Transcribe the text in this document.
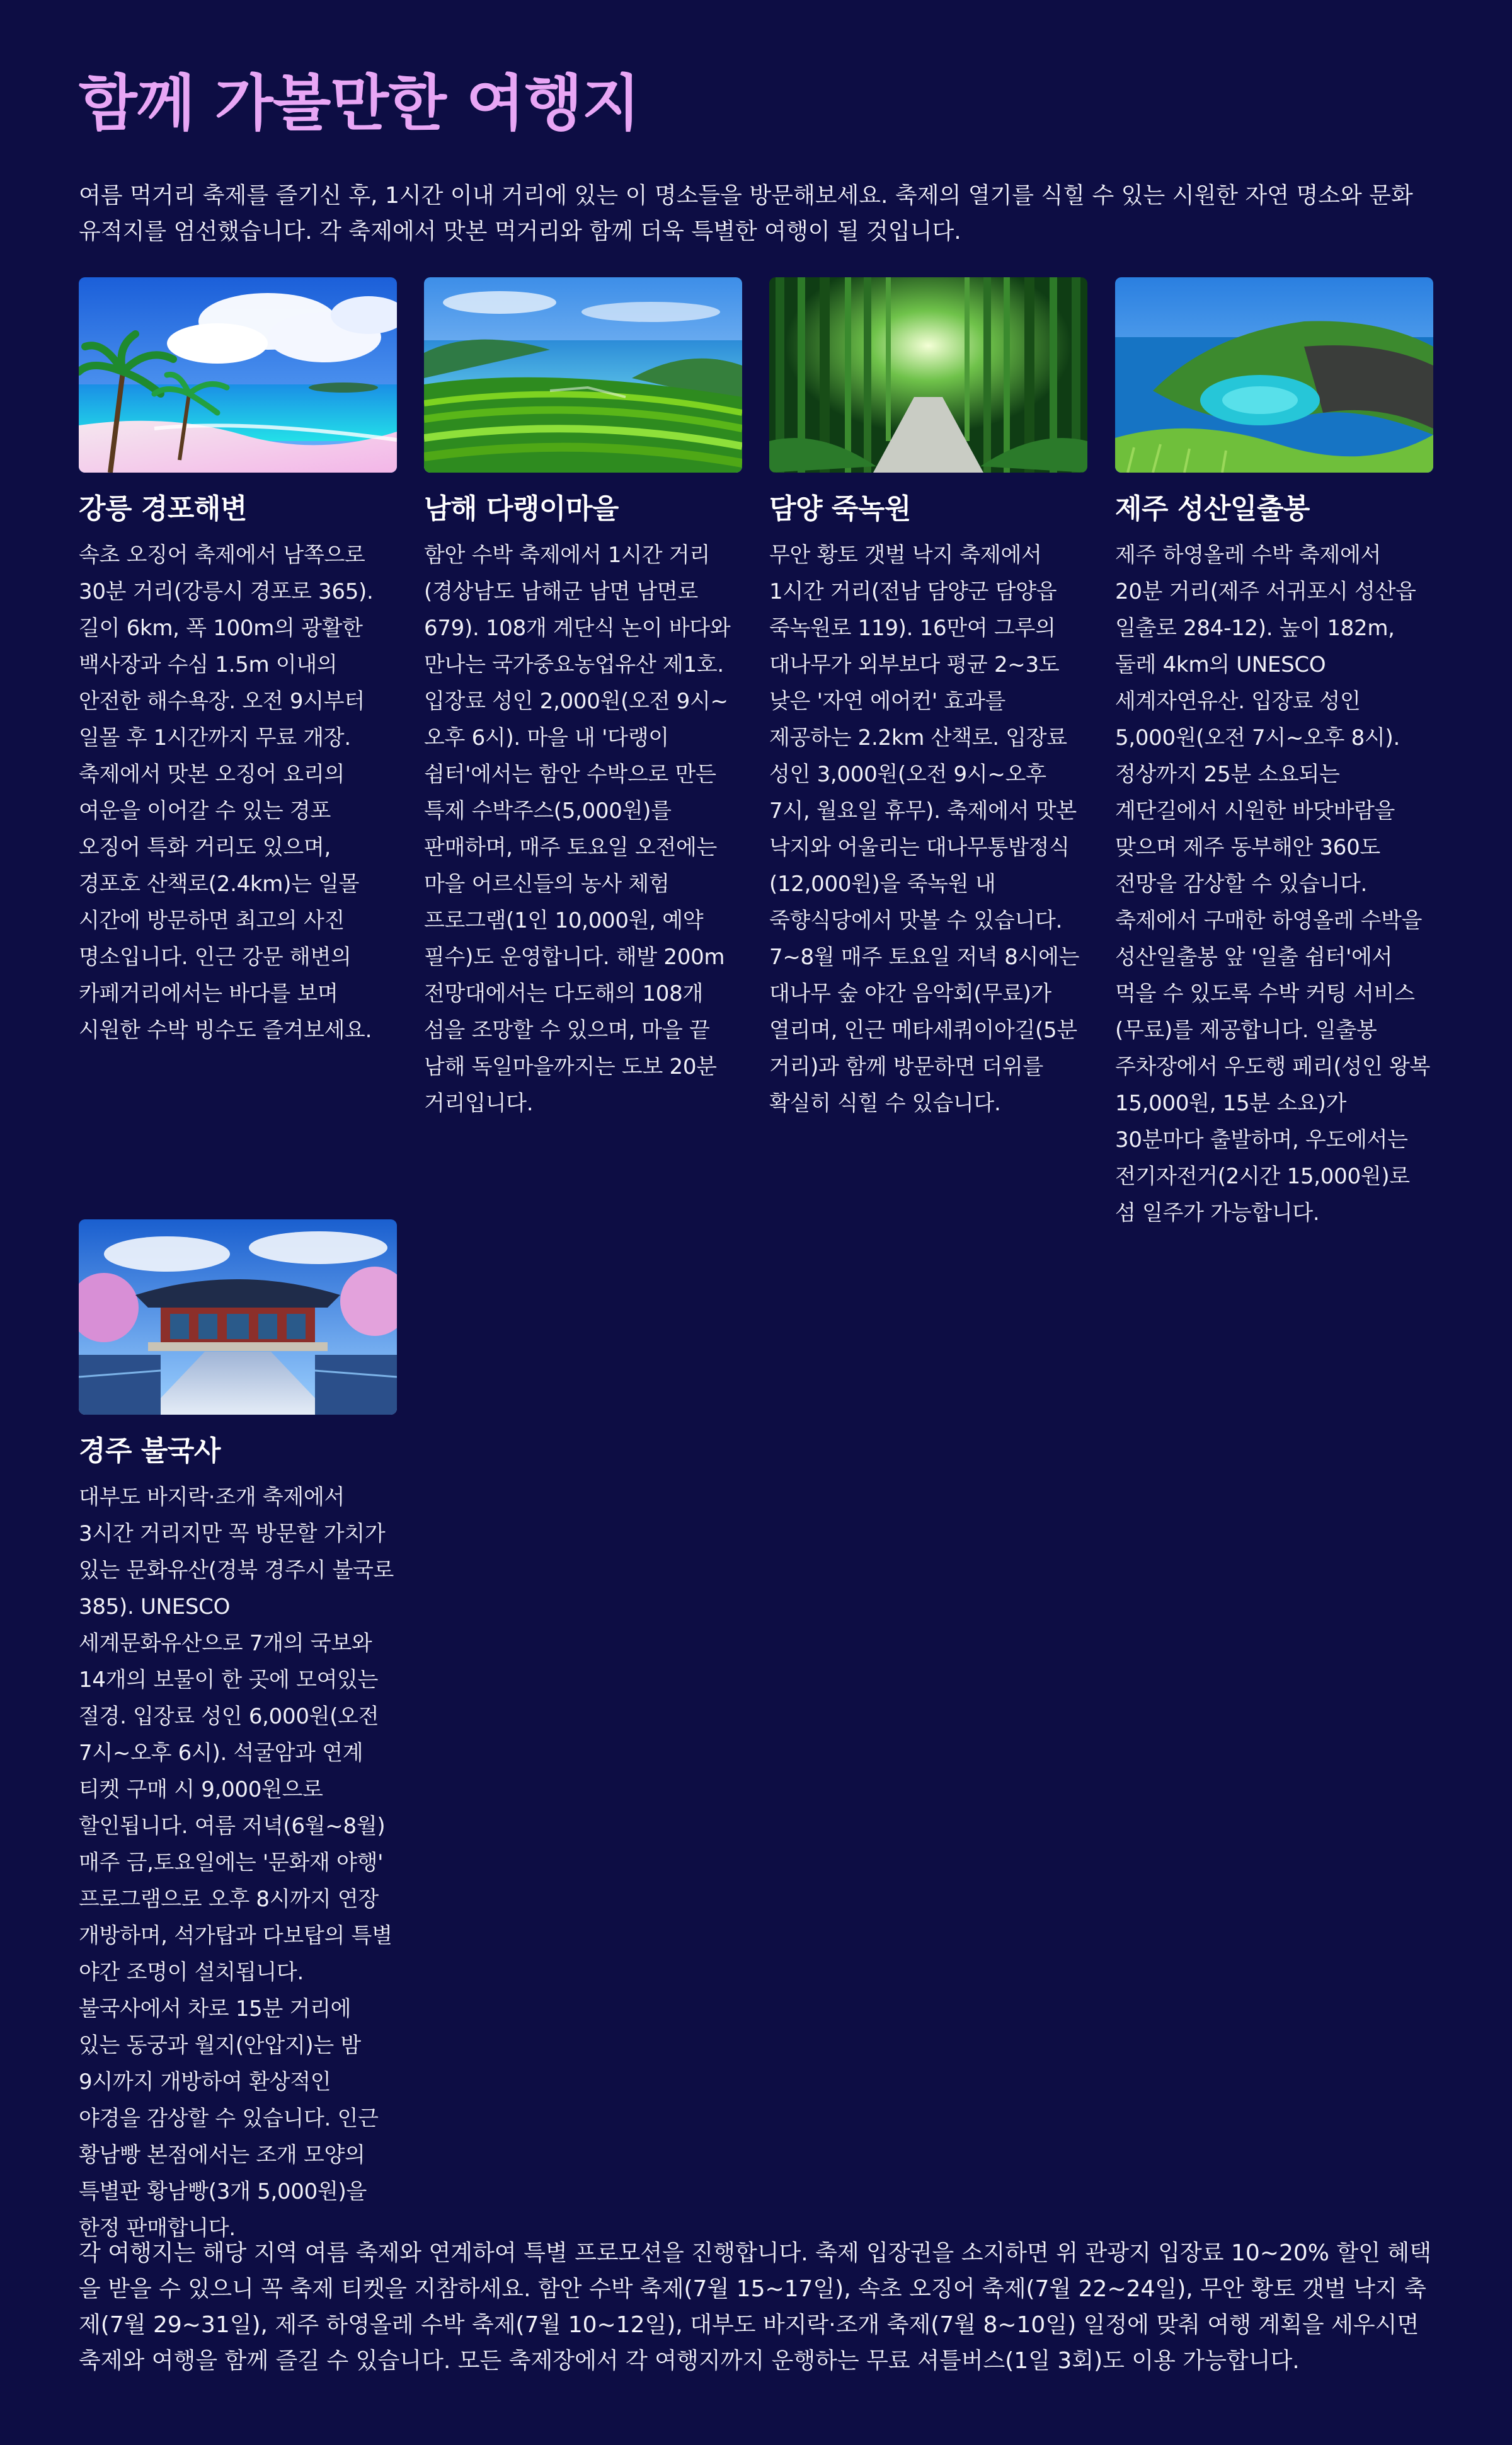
함께 가볼만한 여행지

여름 먹거리 축제를 즐기신 후, 1시간 이내 거리에 있는 이 명소들을 방문해보세요. 축제의 열기를 식힐 수 있는 시원한 자연 명소와 문화 유적지를 엄선했습니다. 각 축제에서 맛본 먹거리와 함께 더욱 특별한 여행이 될 것입니다.

강릉 경포해변

속초 오징어 축제에서 남쪽으로 30분 거리(강릉시 경포로 365). 길이 6km, 폭 100m의 광활한 백사장과 수심 1.5m 이내의 안전한 해수욕장. 오전 9시부터 일몰 후 1시간까지 무료 개장. 축제에서 맛본 오징어 요리의 여운을 이어갈 수 있는 경포 오징어 특화 거리도 있으며, 경포호 산책로(2.4km)는 일몰 시간에 방문하면 최고의 사진 명소입니다. 인근 강문 해변의 카페거리에서는 바다를 보며 시원한 수박 빙수도 즐겨보세요.

남해 다랭이마을

함안 수박 축제에서 1시간 거리(경상남도 남해군 남면 남면로 679). 108개 계단식 논이 바다와 만나는 국가중요농업유산 제1호. 입장료 성인 2,000원(오전 9시~오후 6시). 마을 내 '다랭이 쉼터'에서는 함안 수박으로 만든 특제 수박주스(5,000원)를 판매하며, 매주 토요일 오전에는 마을 어르신들의 농사 체험 프로그램(1인 10,000원, 예약 필수)도 운영합니다. 해발 200m 전망대에서는 다도해의 108개 섬을 조망할 수 있으며, 마을 끝 남해 독일마을까지는 도보 20분 거리입니다.

담양 죽녹원

무안 황토 갯벌 낙지 축제에서 1시간 거리(전남 담양군 담양읍 죽녹원로 119). 16만여 그루의 대나무가 외부보다 평균 2~3도 낮은 '자연 에어컨' 효과를 제공하는 2.2km 산책로. 입장료 성인 3,000원(오전 9시~오후 7시, 월요일 휴무). 축제에서 맛본 낙지와 어울리는 대나무통밥정식(12,000원)을 죽녹원 내 죽향식당에서 맛볼 수 있습니다. 7~8월 매주 토요일 저녁 8시에는 대나무 숲 야간 음악회(무료)가 열리며, 인근 메타세쿼이아길(5분 거리)과 함께 방문하면 더위를 확실히 식힐 수 있습니다.

제주 성산일출봉

제주 하영올레 수박 축제에서 20분 거리(제주 서귀포시 성산읍 일출로 284-12). 높이 182m, 둘레 4km의 UNESCO 세계자연유산. 입장료 성인 5,000원(오전 7시~오후 8시). 정상까지 25분 소요되는 계단길에서 시원한 바닷바람을 맞으며 제주 동부해안 360도 전망을 감상할 수 있습니다. 축제에서 구매한 하영올레 수박을 성산일출봉 앞 '일출 쉼터'에서 먹을 수 있도록 수박 커팅 서비스(무료)를 제공합니다. 일출봉 주차장에서 우도행 페리(성인 왕복 15,000원, 15분 소요)가 30분마다 출발하며, 우도에서는 전기자전거(2시간 15,000원)로 섬 일주가 가능합니다.

경주 불국사

대부도 바지락·조개 축제에서 3시간 거리지만 꼭 방문할 가치가 있는 문화유산(경북 경주시 불국로 385). UNESCO 세계문화유산으로 7개의 국보와 14개의 보물이 한 곳에 모여있는 절경. 입장료 성인 6,000원(오전 7시~오후 6시). 석굴암과 연계 티켓 구매 시 9,000원으로 할인됩니다. 여름 저녁(6월~8월) 매주 금,토요일에는 '문화재 야행' 프로그램으로 오후 8시까지 연장 개방하며, 석가탑과 다보탑의 특별 야간 조명이 설치됩니다. 불국사에서 차로 15분 거리에 있는 동궁과 월지(안압지)는 밤 9시까지 개방하여 환상적인 야경을 감상할 수 있습니다. 인근 황남빵 본점에서는 조개 모양의 특별판 황남빵(3개 5,000원)을 한정 판매합니다.

각 여행지는 해당 지역 여름 축제와 연계하여 특별 프로모션을 진행합니다. 축제 입장권을 소지하면 위 관광지 입장료 10~20% 할인 혜택을 받을 수 있으니 꼭 축제 티켓을 지참하세요. 함안 수박 축제(7월 15~17일), 속초 오징어 축제(7월 22~24일), 무안 황토 갯벌 낙지 축제(7월 29~31일), 제주 하영올레 수박 축제(7월 10~12일), 대부도 바지락·조개 축제(7월 8~10일) 일정에 맞춰 여행 계획을 세우시면 축제와 여행을 함께 즐길 수 있습니다. 모든 축제장에서 각 여행지까지 운행하는 무료 셔틀버스(1일 3회)도 이용 가능합니다.
